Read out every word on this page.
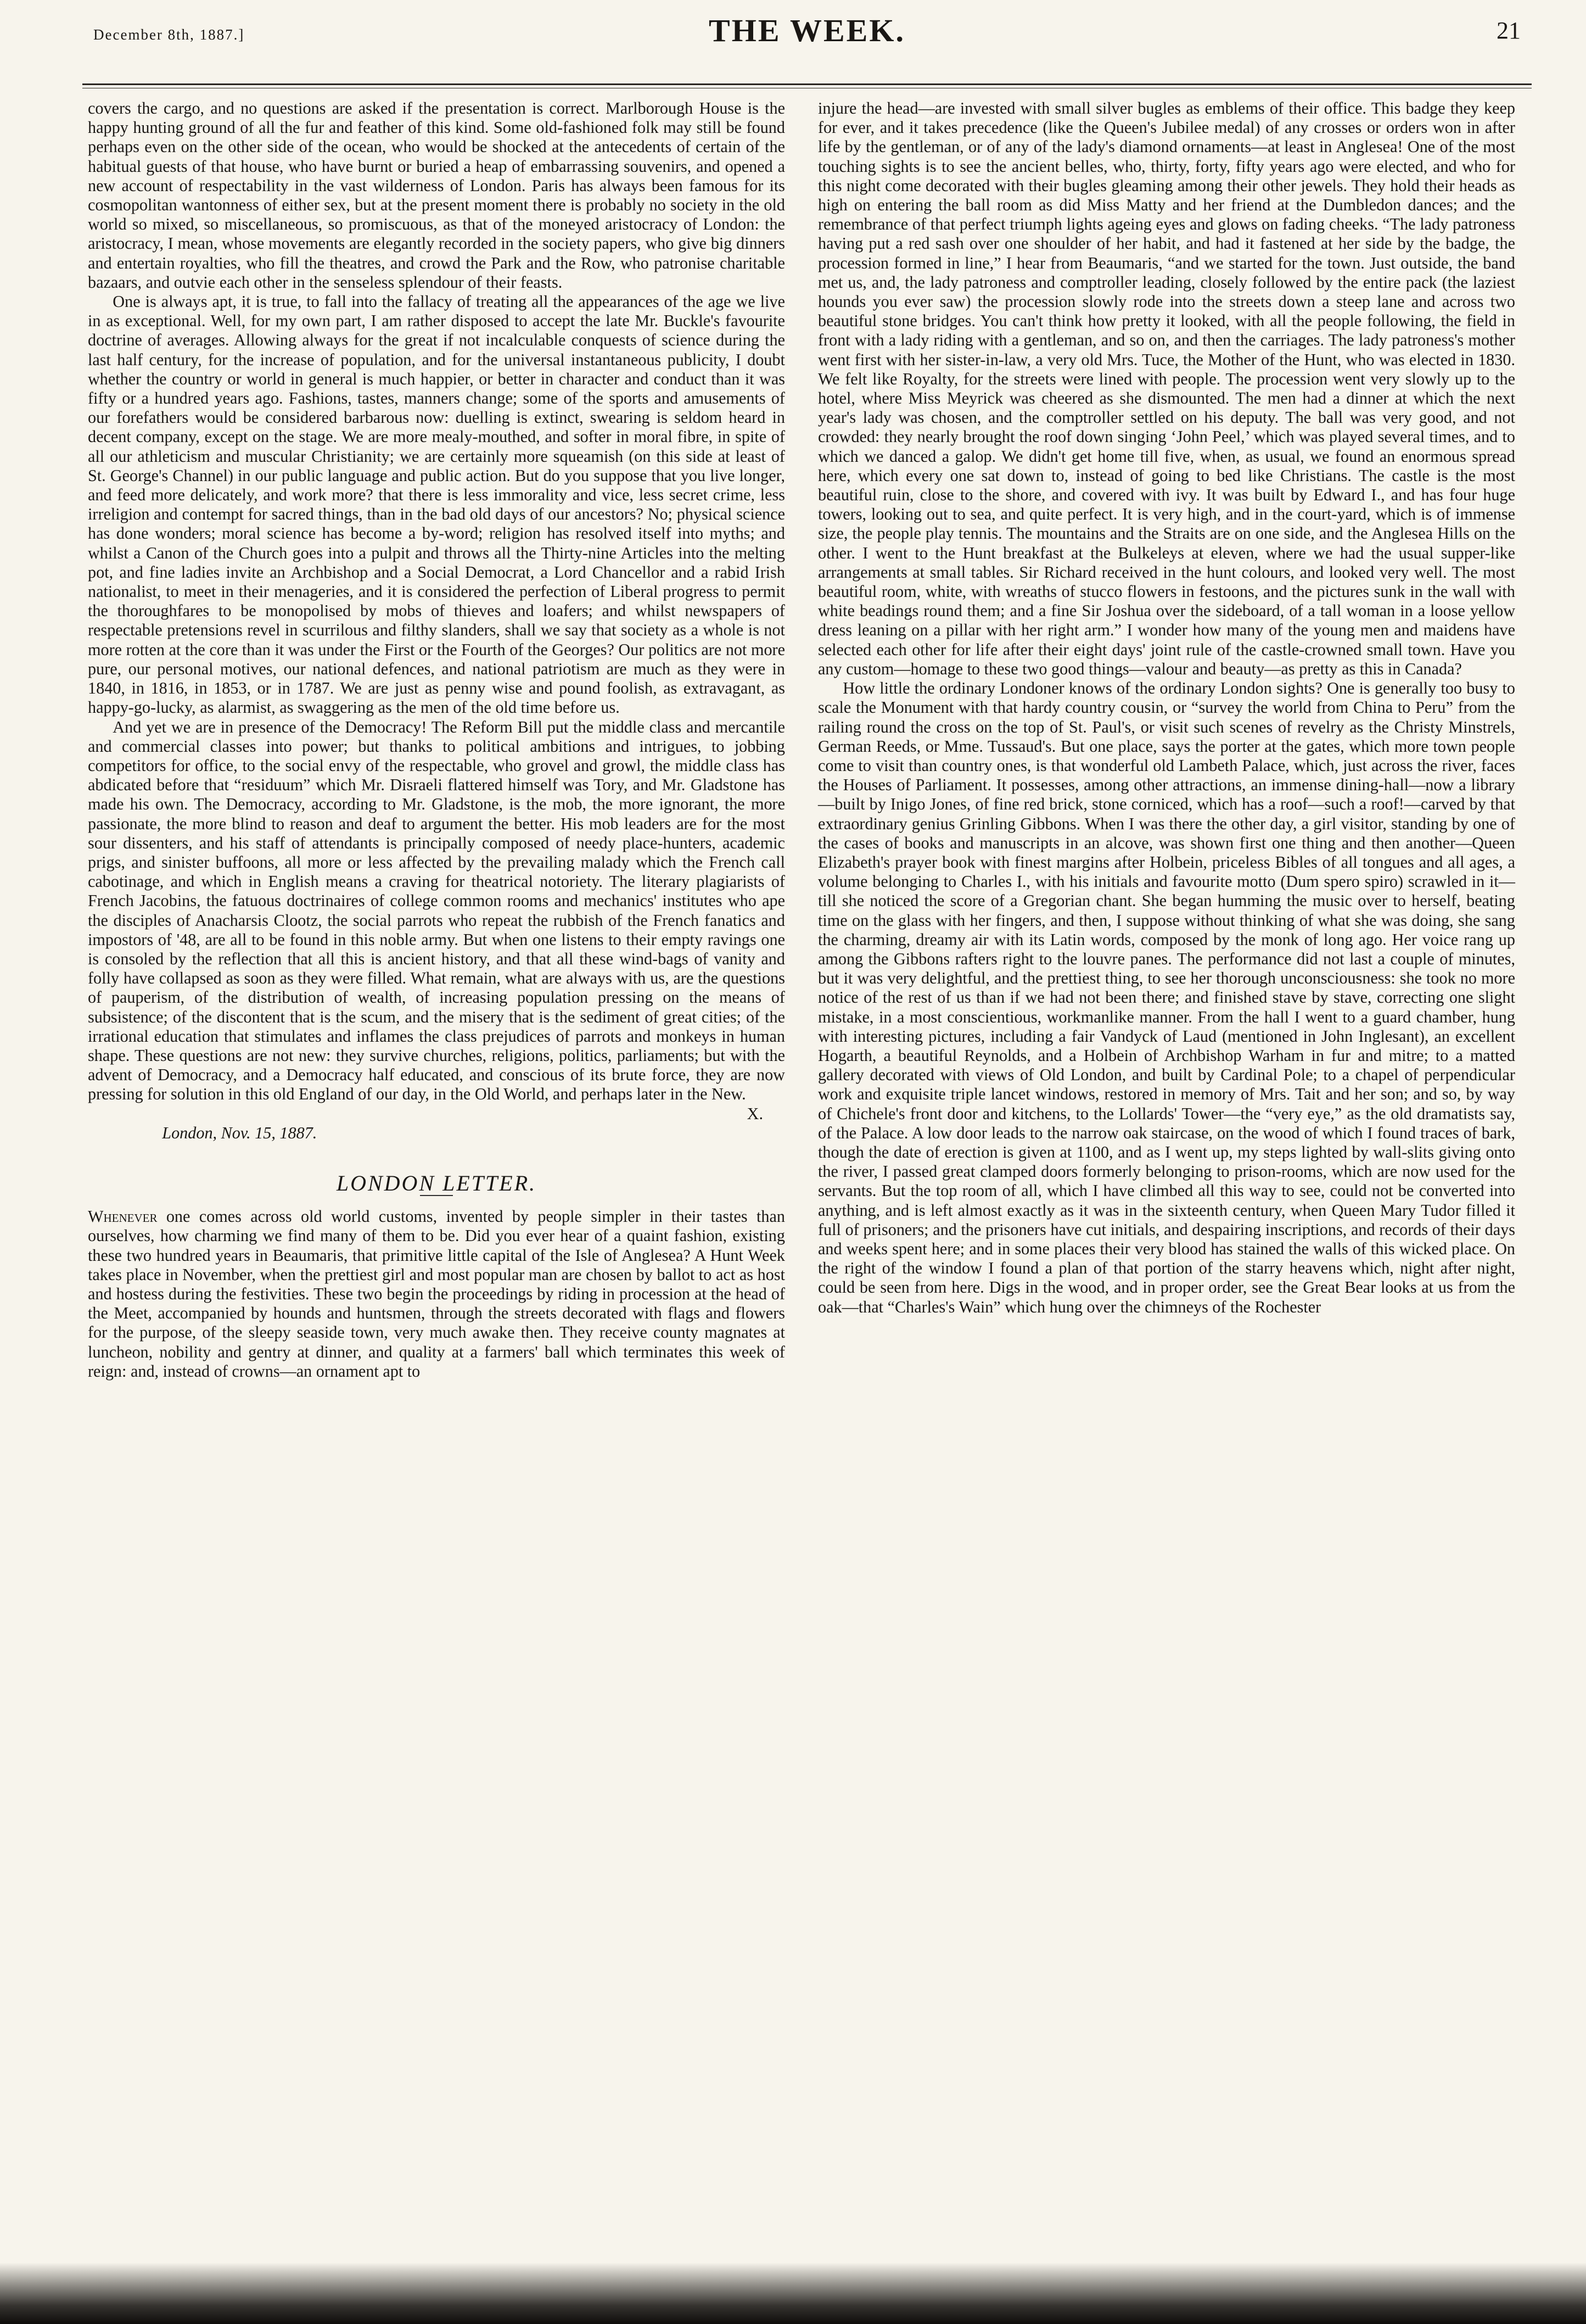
December 8th, 1887.]	THE WEEK.	21

covers the cargo, and no questions are asked if the presentation is correct. Marlborough House is the happy hunting ground of all the fur and feather of this kind. Some old-fashioned folk may still be found perhaps even on the other side of the ocean, who would be shocked at the antecedents of certain of the habitual guests of that house, who have burnt or buried a heap of embarrassing souvenirs, and opened a new account of respectability in the vast wilderness of London. Paris has always been famous for its cosmopolitan wantonness of either sex, but at the present moment there is probably no society in the old world so mixed, so miscellaneous, so promiscuous, as that of the moneyed aristocracy of London: the aristocracy, I mean, whose movements are elegantly recorded in the society papers, who give big dinners and entertain royalties, who fill the theatres, and crowd the Park and the Row, who patronise charitable bazaars, and outvie each other in the senseless splendour of their feasts.

One is always apt, it is true, to fall into the fallacy of treating all the appearances of the age we live in as exceptional. Well, for my own part, I am rather disposed to accept the late Mr. Buckle's favourite doctrine of averages. Allowing always for the great if not incalculable conquests of science during the last half century, for the increase of population, and for the universal instantaneous publicity, I doubt whether the country or world in general is much happier, or better in character and conduct than it was fifty or a hundred years ago. Fashions, tastes, manners change; some of the sports and amusements of our forefathers would be considered barbarous now: duelling is extinct, swearing is seldom heard in decent company, except on the stage. We are more mealy-mouthed, and softer in moral fibre, in spite of all our athleticism and muscular Christianity; we are certainly more squeamish (on this side at least of St. George's Channel) in our public language and public action. But do you suppose that you live longer, and feed more delicately, and work more? that there is less immorality and vice, less secret crime, less irreligion and contempt for sacred things, than in the bad old days of our ancestors? No; physical science has done wonders; moral science has become a by-word; religion has resolved itself into myths; and whilst a Canon of the Church goes into a pulpit and throws all the Thirty-nine Articles into the melting pot, and fine ladies invite an Archbishop and a Social Democrat, a Lord Chancellor and a rabid Irish nationalist, to meet in their menageries, and it is considered the perfection of Liberal progress to permit the thoroughfares to be monopolised by mobs of thieves and loafers; and whilst newspapers of respectable pretensions revel in scurrilous and filthy slanders, shall we say that society as a whole is not more rotten at the core than it was under the First or the Fourth of the Georges? Our politics are not more pure, our personal motives, our national defences, and national patriotism are much as they were in 1840, in 1816, in 1853, or in 1787. We are just as penny wise and pound foolish, as extravagant, as happy-go-lucky, as alarmist, as swaggering as the men of the old time before us.

And yet we are in presence of the Democracy! The Reform Bill put the middle class and mercantile and commercial classes into power; but thanks to political ambitions and intrigues, to jobbing competitors for office, to the social envy of the respectable, who grovel and growl, the middle class has abdicated before that “residuum” which Mr. Disraeli flattered himself was Tory, and Mr. Gladstone has made his own. The Democracy, according to Mr. Gladstone, is the mob, the more ignorant, the more passionate, the more blind to reason and deaf to argument the better. His mob leaders are for the most sour dissenters, and his staff of attendants is principally composed of needy place-hunters, academic prigs, and sinister buffoons, all more or less affected by the prevailing malady which the French call cabotinage, and which in English means a craving for theatrical notoriety. The literary plagiarists of French Jacobins, the fatuous doctrinaires of college common rooms and mechanics' institutes who ape the disciples of Anacharsis Clootz, the social parrots who repeat the rubbish of the French fanatics and impostors of '48, are all to be found in this noble army. But when one listens to their empty ravings one is consoled by the reflection that all this is ancient history, and that all these wind-bags of vanity and folly have collapsed as soon as they were filled. What remain, what are always with us, are the questions of pauperism, of the distribution of wealth, of increasing population pressing on the means of subsistence; of the discontent that is the scum, and the misery that is the sediment of great cities; of the irrational education that stimulates and inflames the class prejudices of parrots and monkeys in human shape. These questions are not new: they survive churches, religions, politics, parliaments; but with the advent of Democracy, and a Democracy half educated, and conscious of its brute force, they are now pressing for solution in this old England of our day, in the Old World, and perhaps later in the New.

X.

London, Nov. 15, 1887.

LONDON LETTER.

Whenever one comes across old world customs, invented by people simpler in their tastes than ourselves, how charming we find many of them to be. Did you ever hear of a quaint fashion, existing these two hundred years in Beaumaris, that primitive little capital of the Isle of Anglesea? A Hunt Week takes place in November, when the prettiest girl and most popular man are chosen by ballot to act as host and hostess during the festivities. These two begin the proceedings by riding in procession at the head of the Meet, accompanied by hounds and huntsmen, through the streets decorated with flags and flowers for the purpose, of the sleepy seaside town, very much awake then. They receive county magnates at luncheon, nobility and gentry at dinner, and quality at a farmers' ball which terminates this week of reign: and, instead of crowns—an ornament apt to

injure the head—are invested with small silver bugles as emblems of their office. This badge they keep for ever, and it takes precedence (like the Queen's Jubilee medal) of any crosses or orders won in after life by the gentleman, or of any of the lady's diamond ornaments—at least in Anglesea! One of the most touching sights is to see the ancient belles, who, thirty, forty, fifty years ago were elected, and who for this night come decorated with their bugles gleaming among their other jewels. They hold their heads as high on entering the ball room as did Miss Matty and her friend at the Dumbledon dances; and the remembrance of that perfect triumph lights ageing eyes and glows on fading cheeks. “The lady patroness having put a red sash over one shoulder of her habit, and had it fastened at her side by the badge, the procession formed in line,” I hear from Beaumaris, “and we started for the town. Just outside, the band met us, and, the lady patroness and comptroller leading, closely followed by the entire pack (the laziest hounds you ever saw) the procession slowly rode into the streets down a steep lane and across two beautiful stone bridges. You can't think how pretty it looked, with all the people following, the field in front with a lady riding with a gentleman, and so on, and then the carriages. The lady patroness's mother went first with her sister-in-law, a very old Mrs. Tuce, the Mother of the Hunt, who was elected in 1830. We felt like Royalty, for the streets were lined with people. The procession went very slowly up to the hotel, where Miss Meyrick was cheered as she dismounted. The men had a dinner at which the next year's lady was chosen, and the comptroller settled on his deputy. The ball was very good, and not crowded: they nearly brought the roof down singing ‘John Peel,’ which was played several times, and to which we danced a galop. We didn't get home till five, when, as usual, we found an enormous spread here, which every one sat down to, instead of going to bed like Christians. The castle is the most beautiful ruin, close to the shore, and covered with ivy. It was built by Edward I., and has four huge towers, looking out to sea, and quite perfect. It is very high, and in the court-yard, which is of immense size, the people play tennis. The mountains and the Straits are on one side, and the Anglesea Hills on the other. I went to the Hunt breakfast at the Bulkeleys at eleven, where we had the usual supper-like arrangements at small tables. Sir Richard received in the hunt colours, and looked very well. The most beautiful room, white, with wreaths of stucco flowers in festoons, and the pictures sunk in the wall with white beadings round them; and a fine Sir Joshua over the sideboard, of a tall woman in a loose yellow dress leaning on a pillar with her right arm.” I wonder how many of the young men and maidens have selected each other for life after their eight days' joint rule of the castle-crowned small town. Have you any custom—homage to these two good things—valour and beauty—as pretty as this in Canada?

How little the ordinary Londoner knows of the ordinary London sights? One is generally too busy to scale the Monument with that hardy country cousin, or “survey the world from China to Peru” from the railing round the cross on the top of St. Paul's, or visit such scenes of revelry as the Christy Minstrels, German Reeds, or Mme. Tussaud's. But one place, says the porter at the gates, which more town people come to visit than country ones, is that wonderful old Lambeth Palace, which, just across the river, faces the Houses of Parliament. It possesses, among other attractions, an immense dining-hall—now a library—built by Inigo Jones, of fine red brick, stone corniced, which has a roof—such a roof!—carved by that extraordinary genius Grinling Gibbons. When I was there the other day, a girl visitor, standing by one of the cases of books and manuscripts in an alcove, was shown first one thing and then another—Queen Elizabeth's prayer book with finest margins after Holbein, priceless Bibles of all tongues and all ages, a volume belonging to Charles I., with his initials and favourite motto (Dum spero spiro) scrawled in it—till she noticed the score of a Gregorian chant. She began humming the music over to herself, beating time on the glass with her fingers, and then, I suppose without thinking of what she was doing, she sang the charming, dreamy air with its Latin words, composed by the monk of long ago. Her voice rang up among the Gibbons rafters right to the louvre panes. The performance did not last a couple of minutes, but it was very delightful, and the prettiest thing, to see her thorough unconsciousness: she took no more notice of the rest of us than if we had not been there; and finished stave by stave, correcting one slight mistake, in a most conscientious, workmanlike manner. From the hall I went to a guard chamber, hung with interesting pictures, including a fair Vandyck of Laud (mentioned in John Inglesant), an excellent Hogarth, a beautiful Reynolds, and a Holbein of Archbishop Warham in fur and mitre; to a matted gallery decorated with views of Old London, and built by Cardinal Pole; to a chapel of perpendicular work and exquisite triple lancet windows, restored in memory of Mrs. Tait and her son; and so, by way of Chichele's front door and kitchens, to the Lollards' Tower—the “very eye,” as the old dramatists say, of the Palace. A low door leads to the narrow oak staircase, on the wood of which I found traces of bark, though the date of erection is given at 1100, and as I went up, my steps lighted by wall-slits giving onto the river, I passed great clamped doors formerly belonging to prison-rooms, which are now used for the servants. But the top room of all, which I have climbed all this way to see, could not be converted into anything, and is left almost exactly as it was in the sixteenth century, when Queen Mary Tudor filled it full of prisoners; and the prisoners have cut initials, and despairing inscriptions, and records of their days and weeks spent here; and in some places their very blood has stained the walls of this wicked place. On the right of the window I found a plan of that portion of the starry heavens which, night after night, could be seen from here. Digs in the wood, and in proper order, see the Great Bear looks at us from the oak—that “Charles's Wain” which hung over the chimneys of the Rochester
